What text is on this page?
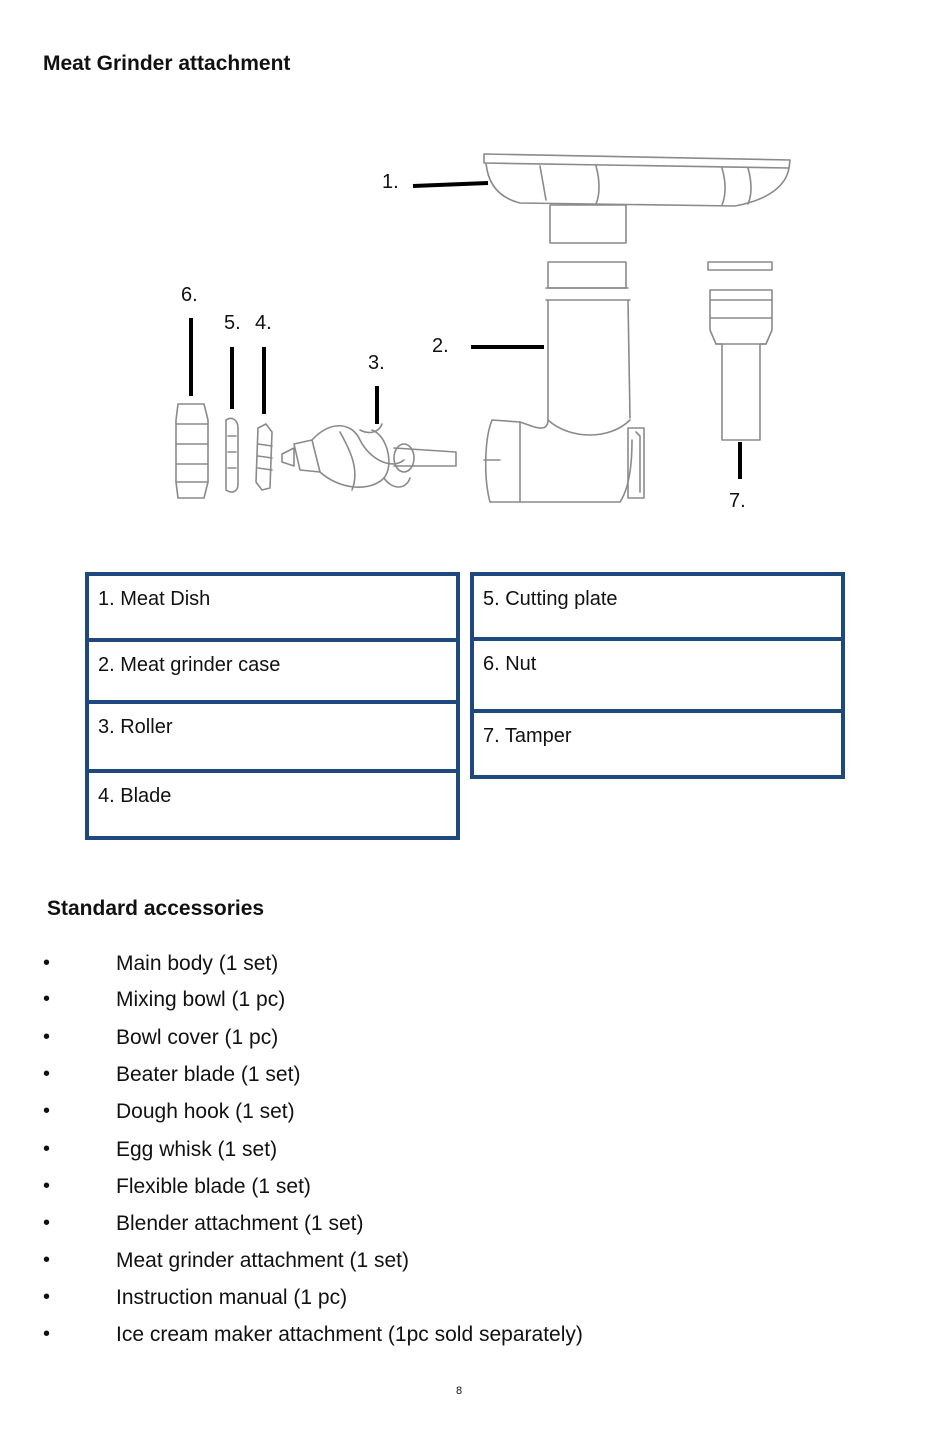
Meat Grinder attachment
1.
2.
3.
4.
5.
6.
7.
1. Meat Dish
2. Meat grinder case
3. Roller
4. Blade
5. Cutting plate
6. Nut
7. Tamper
Standard accessories
•	Main body (1 set)
•	Mixing bowl (1 pc)
•	Bowl cover (1 pc)
•	Beater blade (1 set)
•	Dough hook (1 set)
•	Egg whisk (1 set)
•	Flexible blade (1 set)
•	Blender attachment (1 set)
•	Meat grinder attachment (1 set)
•	Instruction manual (1 pc)
•	Ice cream maker attachment (1pc sold separately)
8
